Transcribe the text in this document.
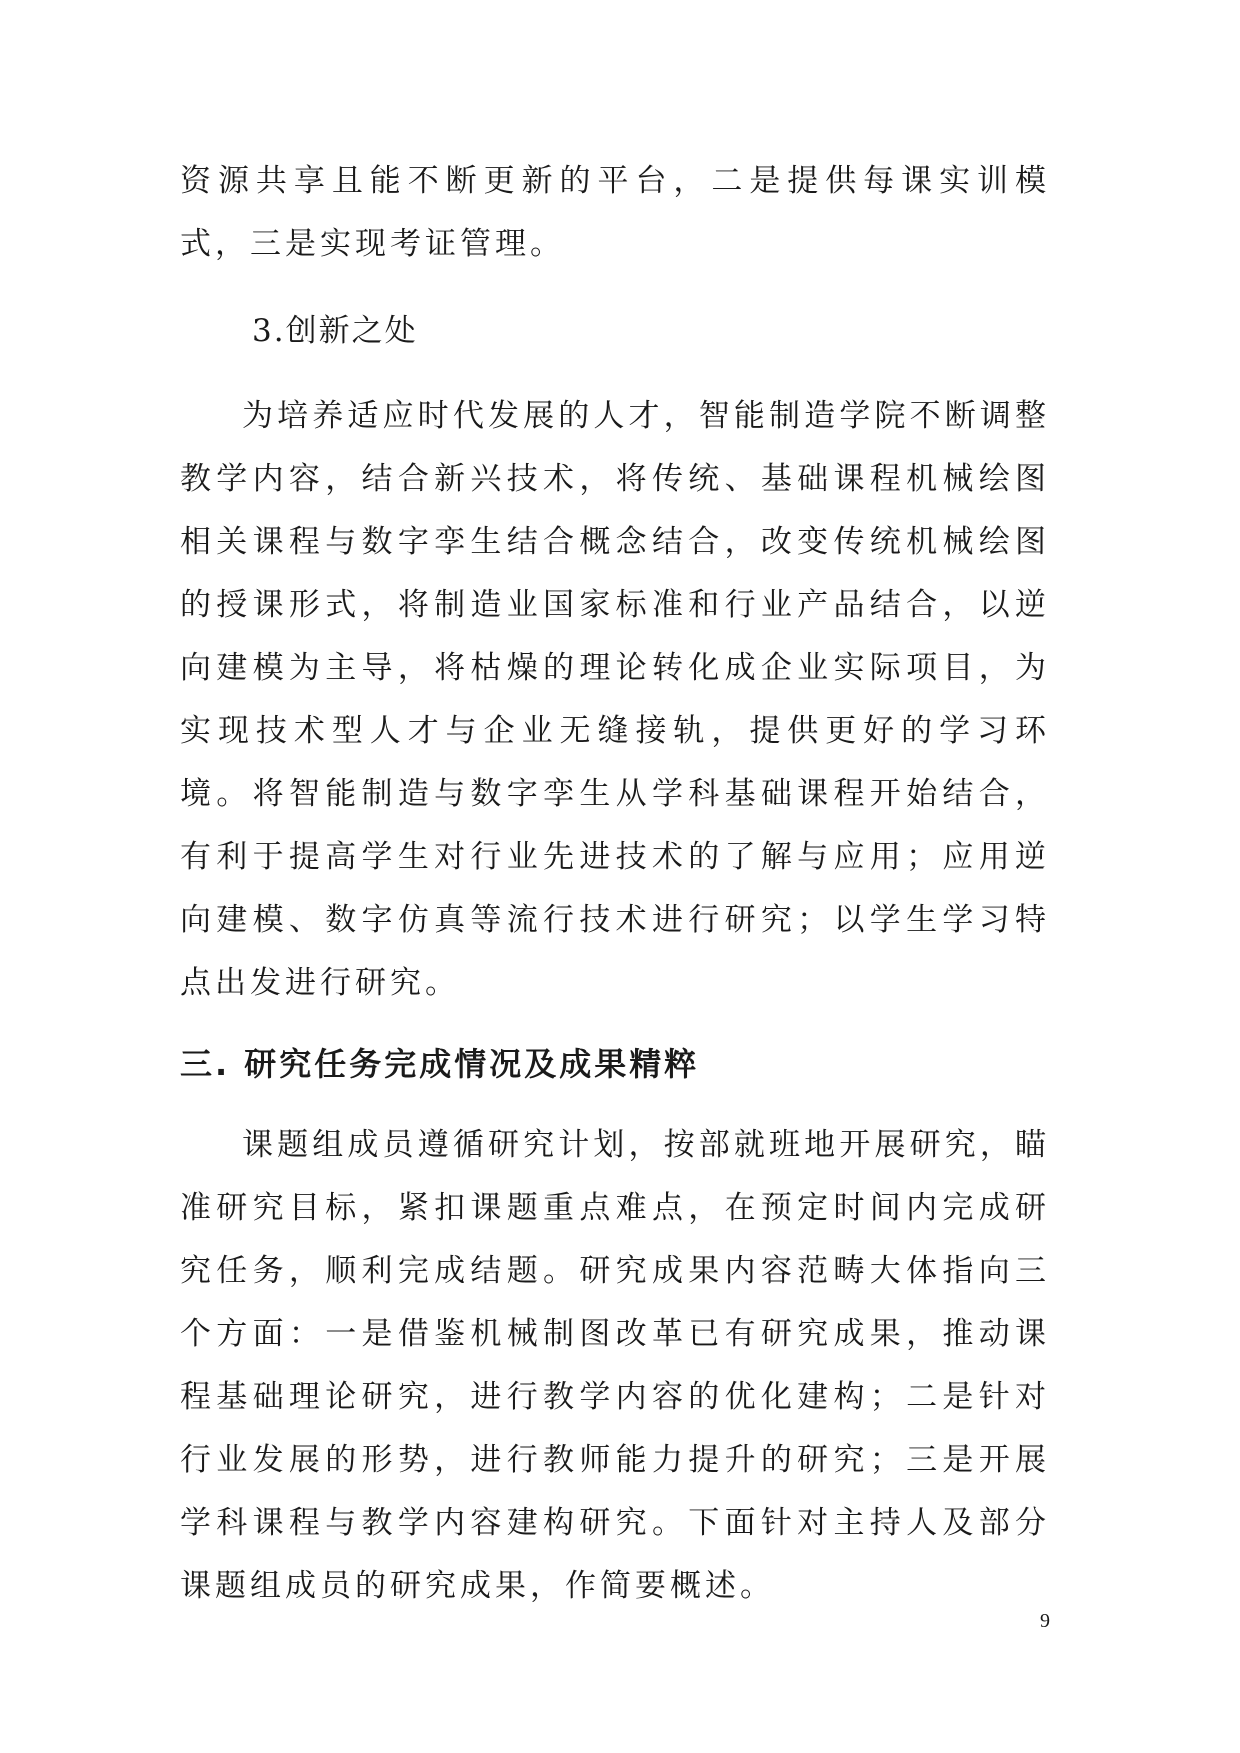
资源共享且能不断更新的平台，二是提供每课实训模式，三是实现考证管理。

3.创新之处

为培养适应时代发展的人才，智能制造学院不断调整教学内容，结合新兴技术，将传统、基础课程机械绘图相关课程与数字孪生结合概念结合，改变传统机械绘图的授课形式，将制造业国家标准和行业产品结合，以逆向建模为主导，将枯燥的理论转化成企业实际项目，为实现技术型人才与企业无缝接轨，提供更好的学习环境。将智能制造与数字孪生从学科基础课程开始结合，有利于提高学生对行业先进技术的了解与应用；应用逆向建模、数字仿真等流行技术进行研究；以学生学习特点出发进行研究。

三. 研究任务完成情况及成果精粹

课题组成员遵循研究计划，按部就班地开展研究，瞄准研究目标，紧扣课题重点难点，在预定时间内完成研究任务，顺利完成结题。研究成果内容范畴大体指向三个方面：一是借鉴机械制图改革已有研究成果，推动课程基础理论研究，进行教学内容的优化建构；二是针对行业发展的形势，进行教师能力提升的研究；三是开展学科课程与教学内容建构研究。下面针对主持人及部分课题组成员的研究成果，作简要概述。

9
